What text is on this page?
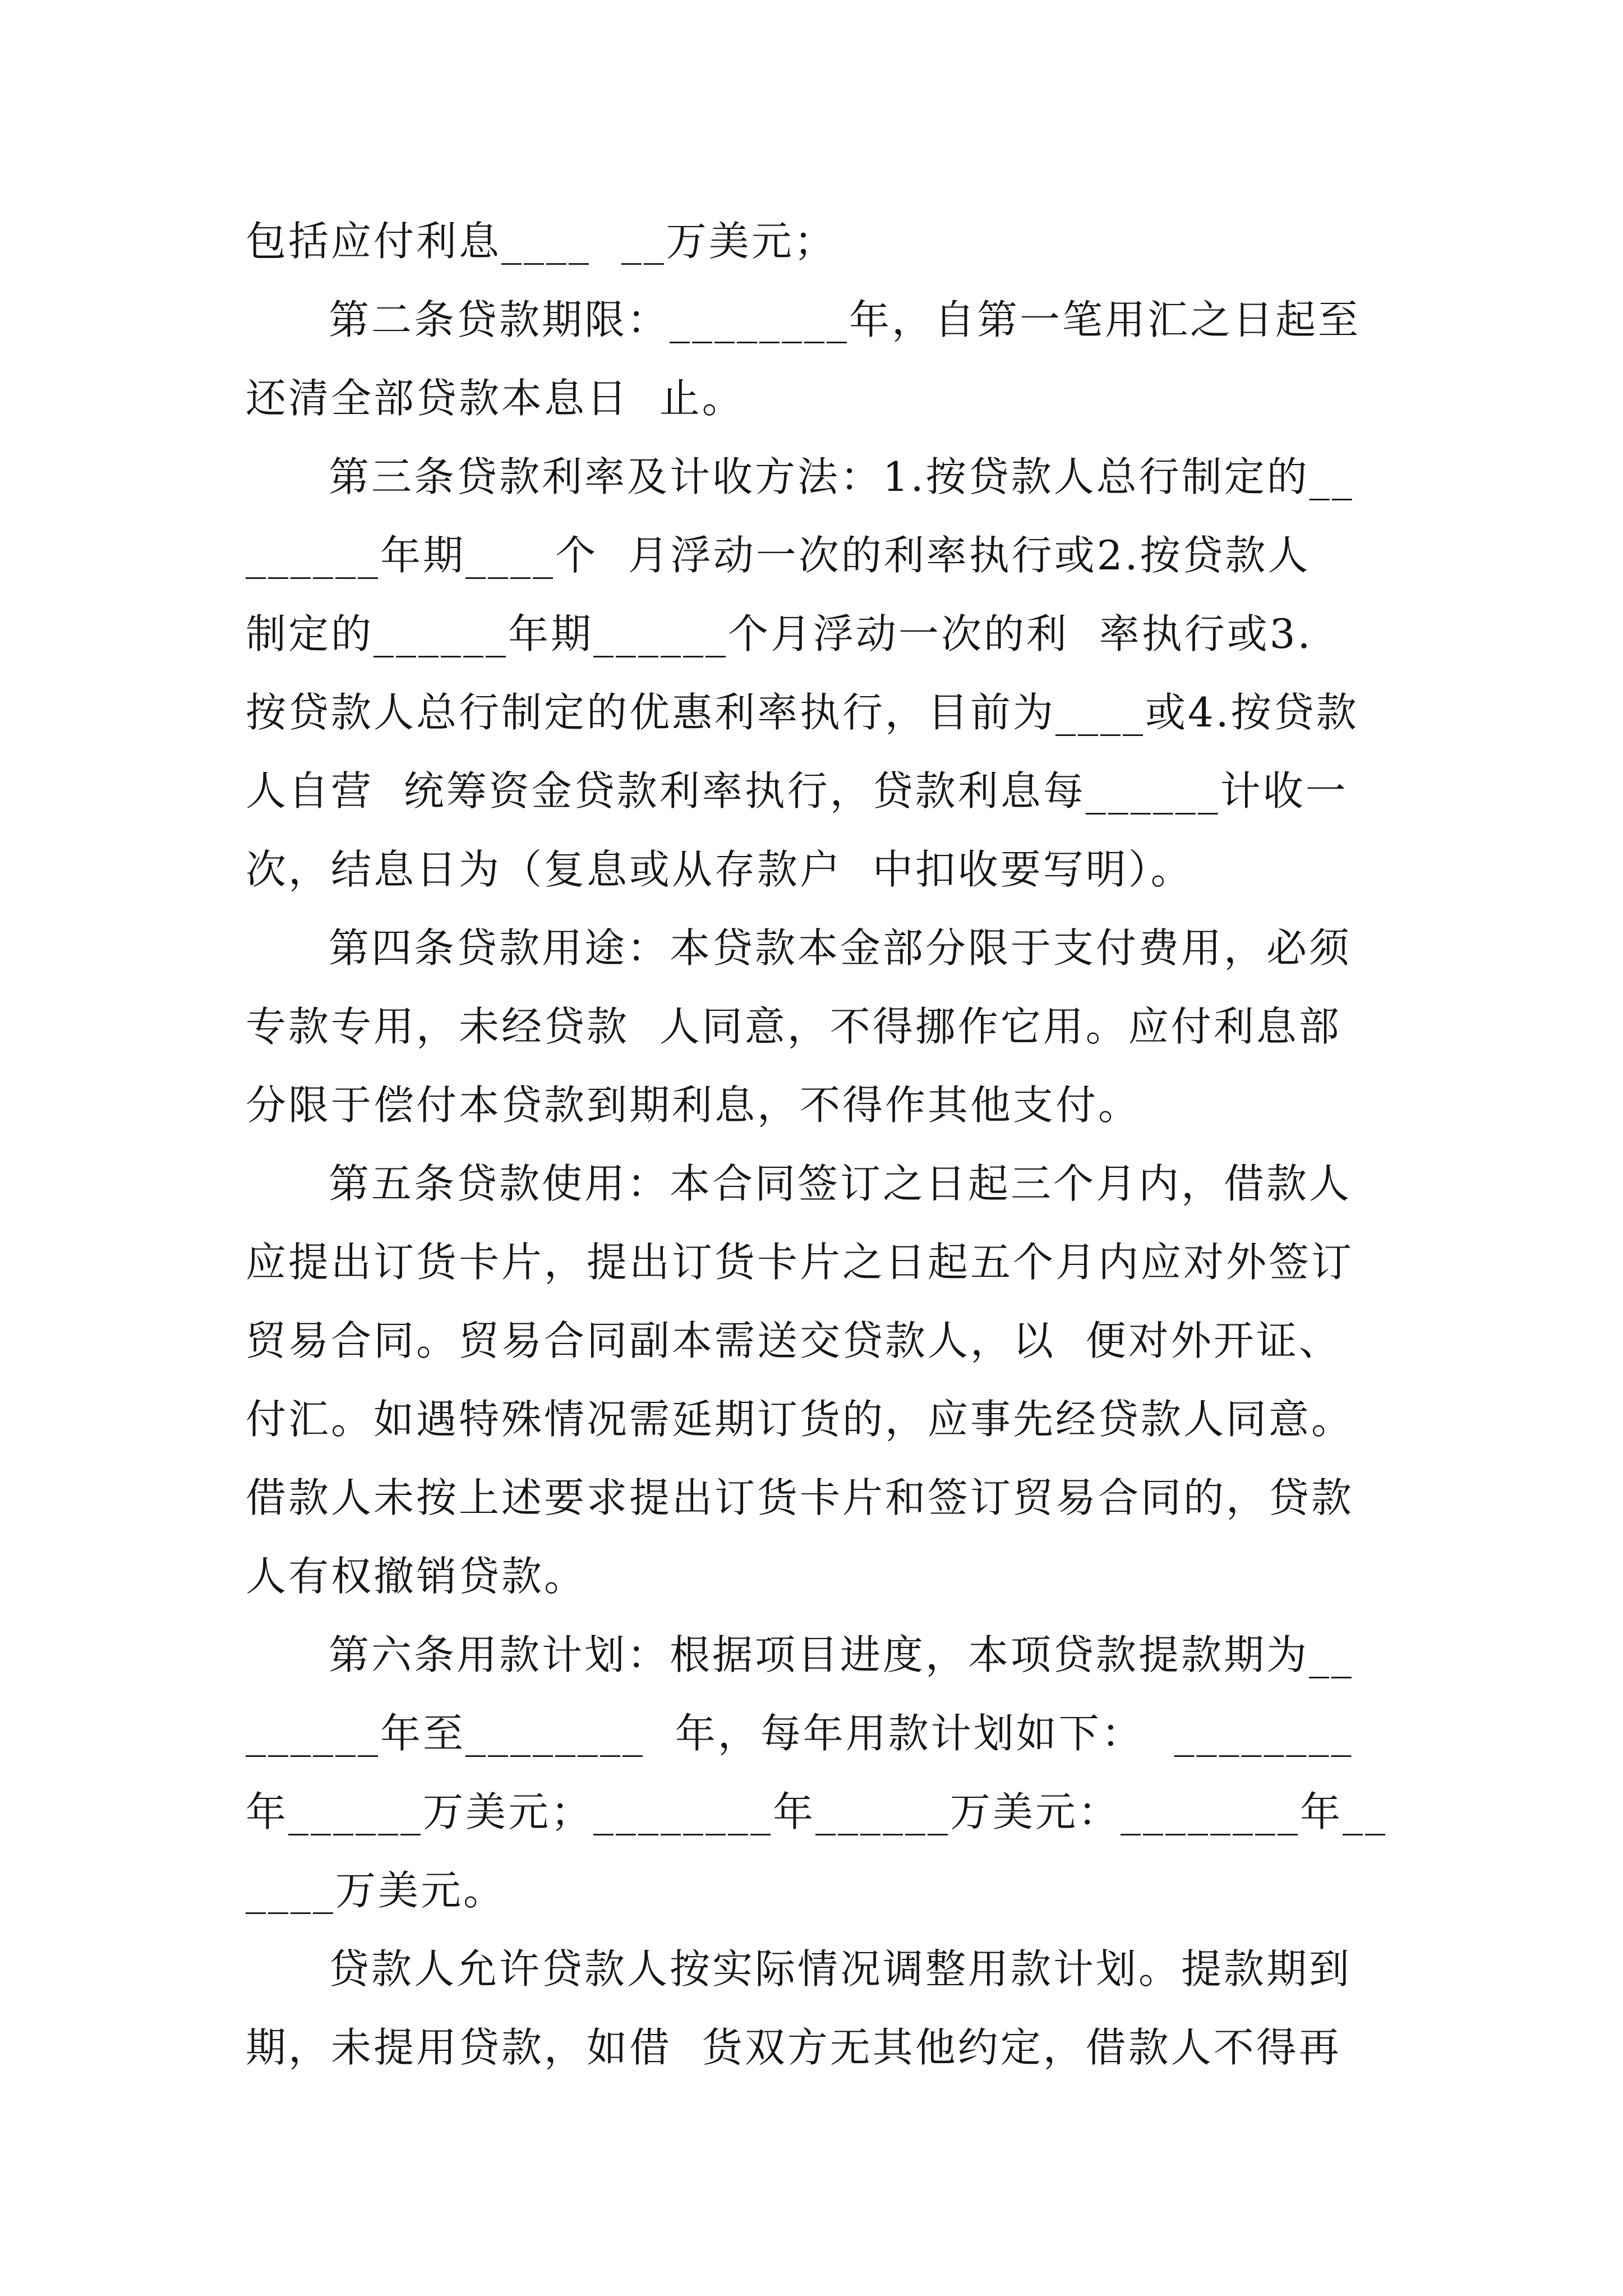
包括应付利息____  __万美元；
第二条贷款期限：________年，自第一笔用汇之日起至
还清全部贷款本息日  止。
第三条贷款利率及计收方法：1.按贷款人总行制定的__
______年期____个  月浮动一次的利率执行或2.按贷款人
制定的______年期______个月浮动一次的利  率执行或3.
按贷款人总行制定的优惠利率执行，目前为____或4.按贷款
人自营  统筹资金贷款利率执行，贷款利息每______计收一
次，结息日为（复息或从存款户  中扣收要写明）。
第四条贷款用途：本贷款本金部分限于支付费用，必须
专款专用，未经贷款  人同意，不得挪作它用。应付利息部
分限于偿付本贷款到期利息，不得作其他支付。
第五条贷款使用：本合同签订之日起三个月内，借款人
应提出订货卡片，提出订货卡片之日起五个月内应对外签订
贸易合同。贸易合同副本需送交贷款人，以  便对外开证、
付汇。如遇特殊情况需延期订货的，应事先经贷款人同意。
借款人未按上述要求提出订货卡片和签订贸易合同的，贷款
人有权撤销贷款。
第六条用款计划：根据项目进度，本项贷款提款期为__
______年至________  年，每年用款计划如下：  ________
年______万美元；________年______万美元：________年__
____万美元。
贷款人允许贷款人按实际情况调整用款计划。提款期到
期，未提用贷款，如借  货双方无其他约定，借款人不得再
